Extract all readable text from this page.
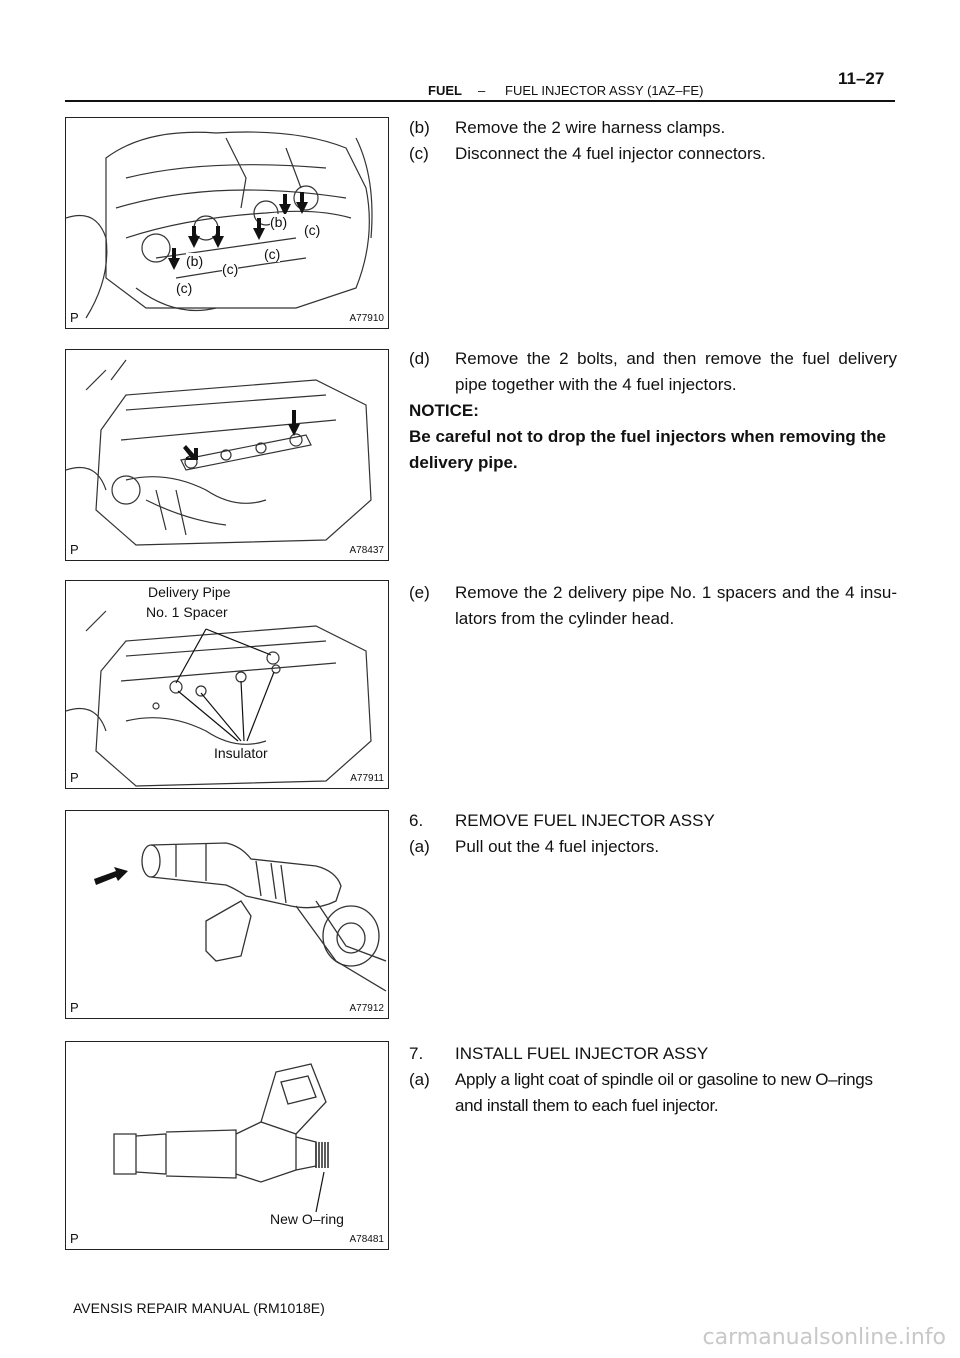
FUEL – FUEL INJECTOR ASSY (1AZ–FE)
11–27
(c)
(b) (c)
(c)
(b) (c)
P	A77910
P	A78437
Delivery Pipe
No. 1 Spacer
Insulator
P	A77911
P	A77912
New O–ring
P	A78481
(b) Remove the 2 wire harness clamps.
(c) Disconnect the 4 fuel injector connectors.
(d)	Remove the 2 bolts, and then remove the fuel delivery pipe together with the 4 fuel injectors.
NOTICE:
Be careful not to drop the fuel injectors when removing the delivery pipe.
(e)	Remove the 2 delivery pipe No. 1 spacers and the 4 insu-lators from the cylinder head.
6. REMOVE FUEL INJECTOR ASSY
(a) Pull out the 4 fuel injectors.
7. INSTALL FUEL INJECTOR ASSY
(a)	Apply a light coat of spindle oil or gasoline to new O–rings and install them to each fuel injector.
AVENSIS REPAIR MANUAL (RM1018E)
carmanualsonline.info
